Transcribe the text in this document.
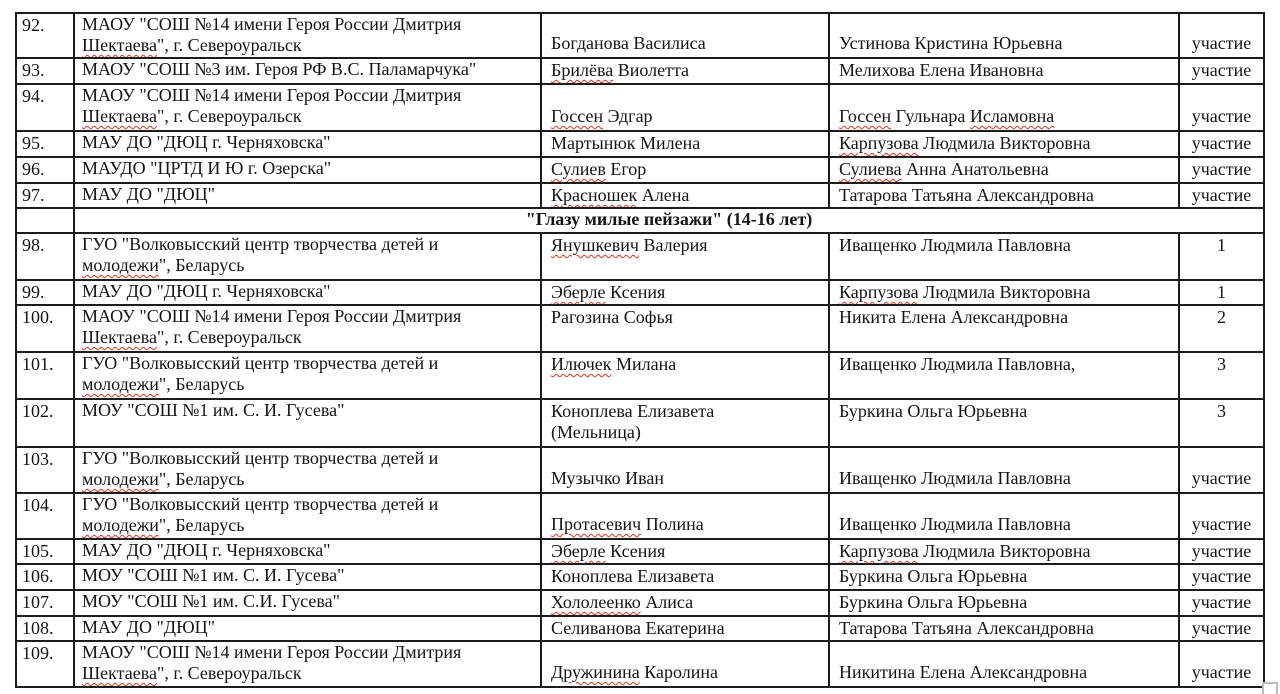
92.	МАОУ "СОШ №14 имени Героя России Дмитрия
Шектаева", г. Североуральск	Богданова Василиса	Устинова Кристина Юрьевна	участие
93.	МАОУ "СОШ №3 им. Героя РФ В.С. Паламарчука"	Брилёва Виолетта	Мелихова Елена Ивановна	участие
94.	МАОУ "СОШ №14 имени Героя России Дмитрия
Шектаева", г. Североуральск	Госсен Эдгар	Госсен Гульнара Исламовна	участие
95.	МАУ ДО "ДЮЦ г. Черняховска"	Мартынюк Милена	Карпузова Людмила Викторовна	участие
96.	МАУДО "ЦРТД И Ю г. Озерска"	Сулиев Егор	Сулиева Анна Анатольевна	участие
97.	МАУ ДО "ДЮЦ"	Красношек Алена	Татарова Татьяна Александровна	участие
	"Глазу милые пейзажи" (14-16 лет)			
98.	ГУО "Волковысский центр творчества детей и
молодежи", Беларусь	Янушкевич Валерия	Иващенко Людмила Павловна	1
99.	МАУ ДО "ДЮЦ г. Черняховска"	Эберле Ксения	Карпузова Людмила Викторовна	1
100.	МАОУ "СОШ №14 имени Героя России Дмитрия
Шектаева", г. Североуральск	Рагозина Софья	Никита Елена Александровна	2
101.	ГУО "Волковысский центр творчества детей и
молодежи", Беларусь	Илючек Милана	Иващенко Людмила Павловна,	3
102.	МОУ "СОШ №1 им. С. И. Гусева"	Коноплева Елизавета
(Мельница)	Буркина Ольга Юрьевна	3
103.	ГУО "Волковысский центр творчества детей и
молодежи", Беларусь	Музычко Иван	Иващенко Людмила Павловна	участие
104.	ГУО "Волковысский центр творчества детей и
молодежи", Беларусь	Протасевич Полина	Иващенко Людмила Павловна	участие
105.	МАУ ДО "ДЮЦ г. Черняховска"	Эберле Ксения	Карпузова Людмила Викторовна	участие
106.	МОУ "СОШ №1 им. С. И. Гусева"	Коноплева Елизавета	Буркина Ольга Юрьевна	участие
107.	МОУ "СОШ №1 им. С.И. Гусева"	Хололеенко Алиса	Буркина Ольга Юрьевна	участие
108.	МАУ ДО "ДЮЦ"	Селиванова Екатерина	Татарова Татьяна Александровна	участие
109.	МАОУ "СОШ №14 имени Героя России Дмитрия
Шектаева", г. Североуральск	Дружинина Каролина	Никитина Елена Александровна	участие
